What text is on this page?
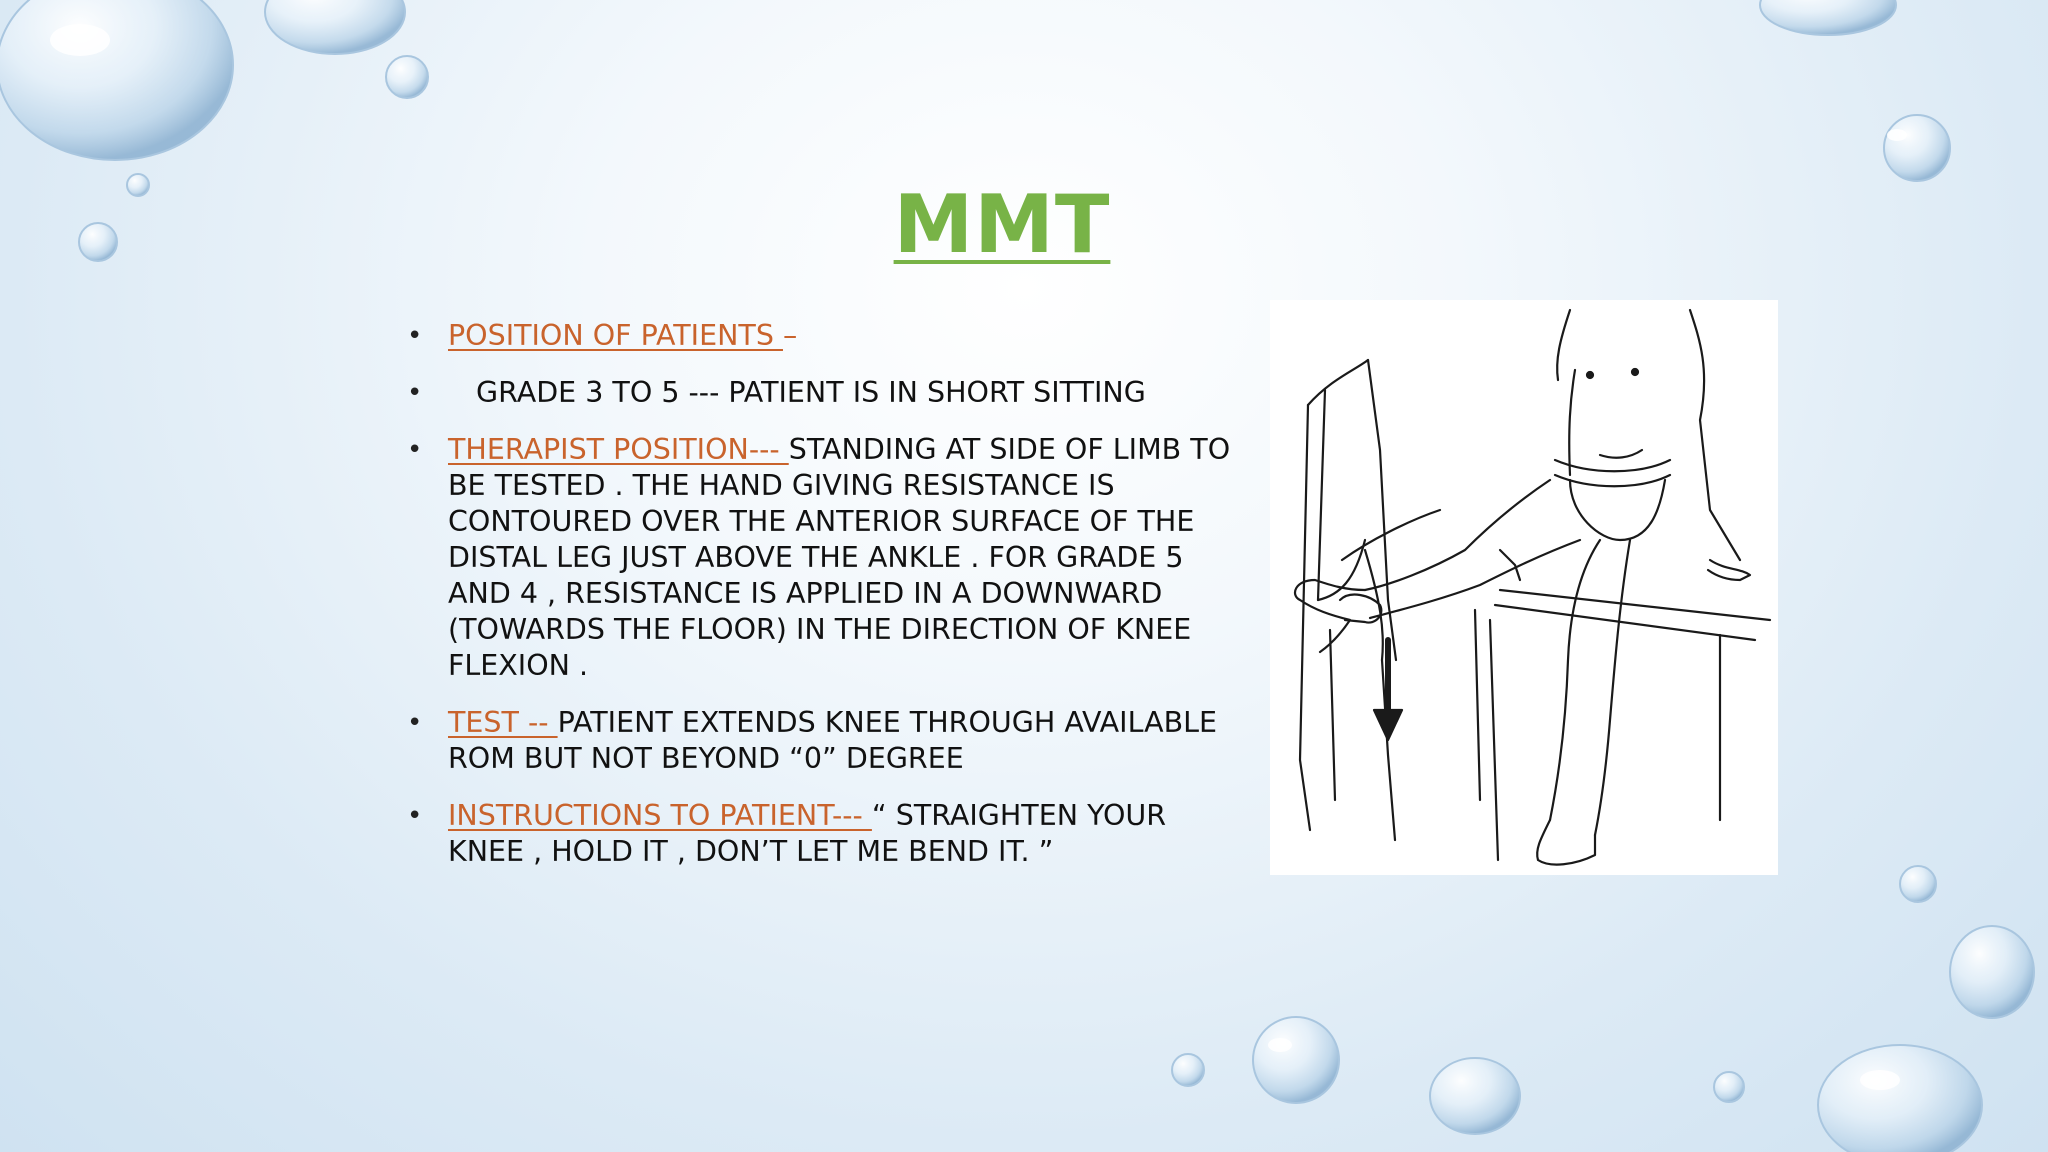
MMT
• POSITION OF PATIENTS –
• GRADE 3 TO 5 --- PATIENT IS IN SHORT SITTING
• THERAPIST POSITION--- STANDING AT SIDE OF LIMB TO BE TESTED . THE HAND GIVING RESISTANCE IS CONTOURED OVER THE ANTERIOR SURFACE OF THE DISTAL LEG JUST ABOVE THE ANKLE . FOR GRADE 5 AND 4 , RESISTANCE IS APPLIED IN A DOWNWARD (TOWARDS THE FLOOR) IN THE DIRECTION OF KNEE FLEXION .
• TEST -- PATIENT EXTENDS KNEE THROUGH AVAILABLE ROM BUT NOT BEYOND “0” DEGREE
• INSTRUCTIONS TO PATIENT--- “ STRAIGHTEN YOUR KNEE , HOLD IT , DON’T LET ME BEND IT. ”
